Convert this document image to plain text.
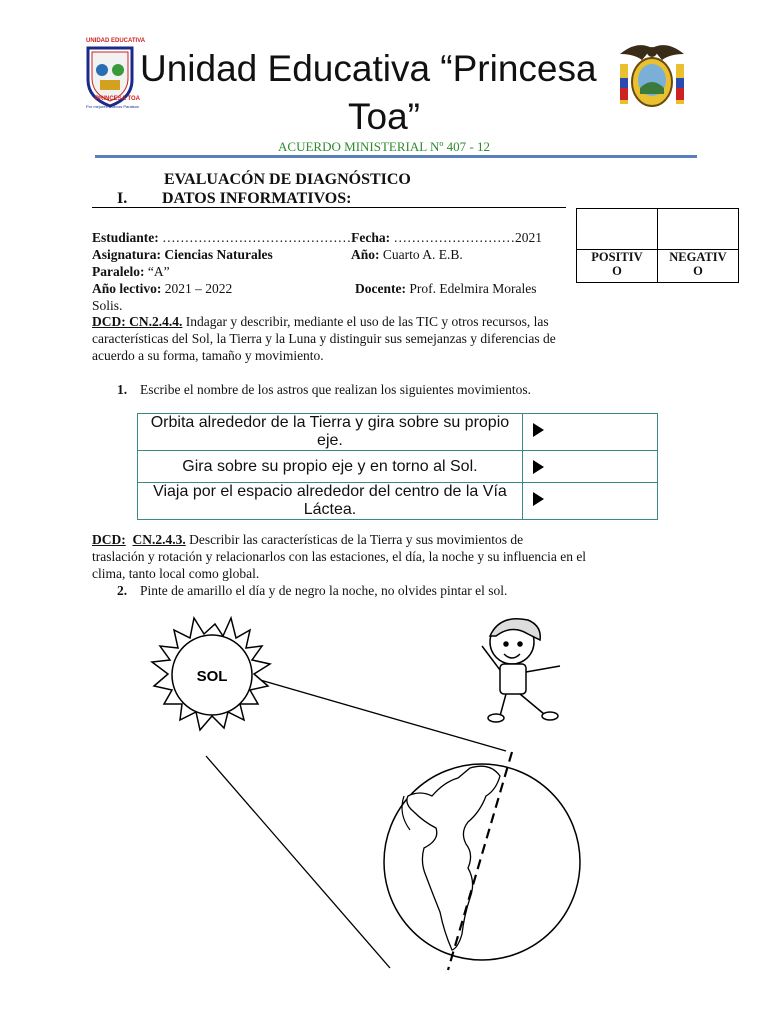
UNIDAD EDUCATIVA
PRINCESA TOA
Por mejores Nuevos Paraisos
Unidad Educativa “Princesa
Toa”
ACUERDO MINISTERIAL Nº 407 - 12
EVALUACÓN DE DIAGNÓSTICO
I. DATOS INFORMATIVOS:
Estudiante: ……………………………………Fecha: ………………………2021
Asignatura: Ciencias Naturales	Año: Cuarto A. E.B.
Paralelo: “A”
Año lectivo: 2021 – 2022	Docente: Prof. Edelmira Morales
Solis.

POSITIVO	NEGATIVO
DCD: CN.2.4.4. Indagar y describir, mediante el uso de las TIC y otros recursos, las
características del Sol, la Tierra y la Luna y distinguir sus semejanzas y diferencias de
acuerdo a su forma, tamaño y movimiento.
1. Escribe el nombre de los astros que realizan los siguientes movimientos.
Orbita alrededor de la Tierra y gira sobre su propio eje.	

Gira sobre su propio eje y en torno al Sol.	

Viaja por el espacio alrededor del centro de la Vía Láctea.	
DCD: CN.2.4.3. Describir las características de la Tierra y sus movimientos de
traslación y rotación y relacionarlos con las estaciones, el día, la noche y su influencia en el
clima, tanto local como global.
2. Pinte de amarillo el día y de negro la noche, no olvides pintar el sol.
SOL
